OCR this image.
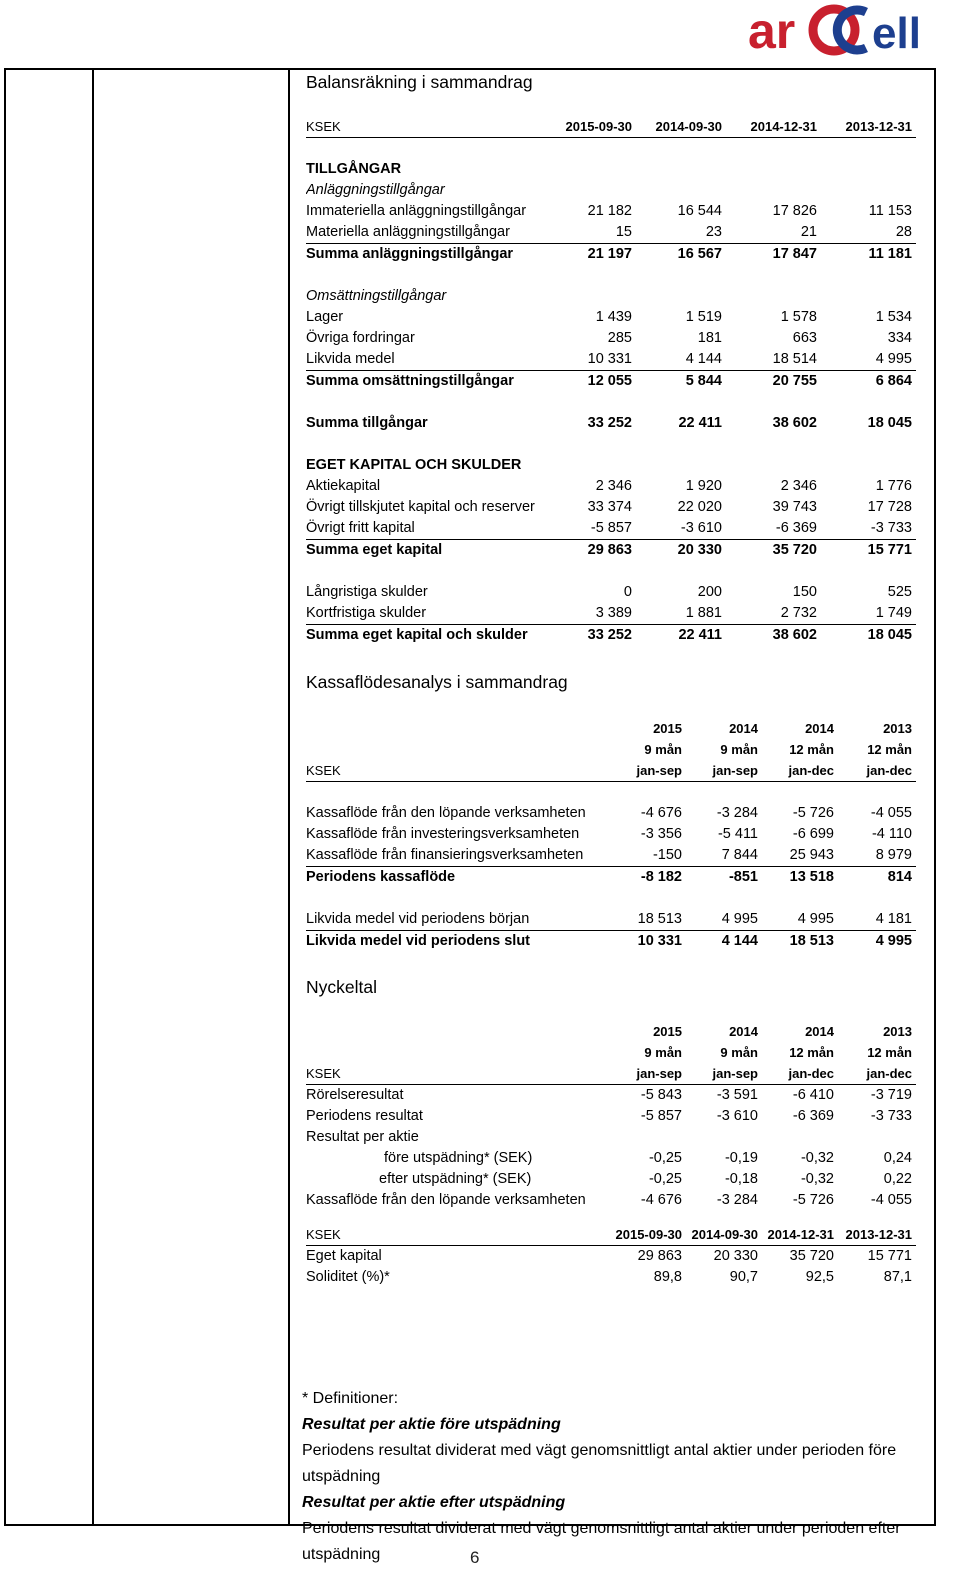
ar ell
Balansräkning i sammandrag
KSEK	2015-09-30	2014-09-30	2014-12-31	2013-12-31

TILLGÅNGAR				
Anläggningstillgångar				
Immateriella anläggningstillgångar	21 182	16 544	17 826	11 153
Materiella anläggningstillgångar	15	23	21	28
Summa anläggningstillgångar	21 197	16 567	17 847	11 181

Omsättningstillgångar				
Lager	1 439	1 519	1 578	1 534
Övriga fordringar	285	181	663	334
Likvida medel	10 331	4 144	18 514	4 995
Summa omsättningstillgångar	12 055	5 844	20 755	6 864

Summa tillgångar	33 252	22 411	38 602	18 045

EGET KAPITAL OCH SKULDER				
Aktiekapital	2 346	1 920	2 346	1 776
Övrigt tillskjutet kapital och reserver	33 374	22 020	39 743	17 728
Övrigt fritt kapital	-5 857	-3 610	-6 369	-3 733
Summa eget kapital	29 863	20 330	35 720	15 771

Långristiga skulder	0	200	150	525
Kortfristiga skulder	3 389	1 881	2 732	1 749
Summa eget kapital och skulder	33 252	22 411	38 602	18 045
Kassaflödesanalys i sammandrag
	2015	2014	2014	2013
	9 mån	9 mån	12 mån	12 mån
KSEK	jan-sep	jan-sep	jan-dec	jan-dec

Kassaflöde från den löpande verksamheten	-4 676	-3 284	-5 726	-4 055
Kassaflöde från investeringsverksamheten	-3 356	-5 411	-6 699	-4 110
Kassaflöde från finansieringsverksamheten	-150	7 844	25 943	8 979
Periodens kassaflöde	-8 182	-851	13 518	814

Likvida medel vid periodens början	18 513	4 995	4 995	4 181
Likvida medel vid periodens slut	10 331	4 144	18 513	4 995
Nyckeltal
	2015	2014	2014	2013
	9 mån	9 mån	12 mån	12 mån
KSEK	jan-sep	jan-sep	jan-dec	jan-dec
Rörelseresultat	-5 843	-3 591	-6 410	-3 719
Periodens resultat	-5 857	-3 610	-6 369	-3 733
Resultat per aktie				
före utspädning* (SEK)	-0,25	-0,19	-0,32	0,24
efter utspädning* (SEK)	-0,25	-0,18	-0,32	0,22
Kassaflöde från den löpande verksamheten	-4 676	-3 284	-5 726	-4 055
KSEK	2015-09-30	2014-09-30	2014-12-31	2013-12-31
Eget kapital	29 863	20 330	35 720	15 771
Soliditet (%)*	89,8	90,7	92,5	87,1
* Definitioner:
Resultat per aktie före utspädning
Periodens resultat dividerat med vägt genomsnittligt antal aktier under perioden före utspädning
Resultat per aktie efter utspädning
Periodens resultat dividerat med vägt genomsnittligt antal aktier under perioden efter utspädning	6
